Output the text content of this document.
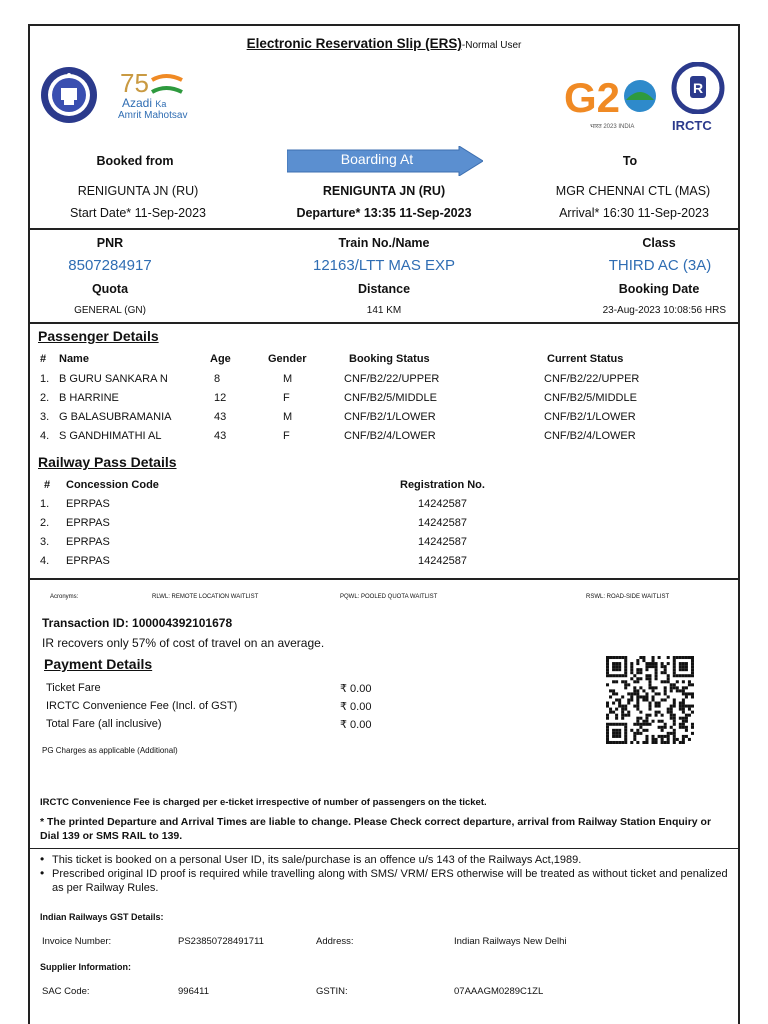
Electronic Reservation Slip (ERS)-Normal User
75
Azadi Ka
Amrit Mahotsav	G2
भारत 2023 INDIA
R
IRCTC
Booked from	Boarding At	To
RENIGUNTA JN (RU)	RENIGUNTA JN (RU)	MGR CHENNAI CTL (MAS)
Start Date* 11-Sep-2023	Departure* 13:35 11-Sep-2023	Arrival* 16:30 11-Sep-2023
PNR	Train No./Name	Class
8507284917	12163/LTT MAS EXP	THIRD AC (3A)
Quota	Distance	Booking Date
GENERAL (GN)	141 KM	23-Aug-2023 10:08:56 HRS
Passenger Details
# Name	Age	Gender	Booking Status	Current Status
1. B GURU SANKARA N	8	M	CNF/B2/22/UPPER	CNF/B2/22/UPPER
2. B HARRINE	12	F	CNF/B2/5/MIDDLE	CNF/B2/5/MIDDLE
3. G BALASUBRAMANIA	43	M	CNF/B2/1/LOWER	CNF/B2/1/LOWER
4. S GANDHIMATHI AL	43	F	CNF/B2/4/LOWER	CNF/B2/4/LOWER
Railway Pass Details
# Concession Code	Registration No.
1. EPRPAS	14242587
2. EPRPAS	14242587
3. EPRPAS	14242587
4. EPRPAS	14242587
Acronyms:	RLWL: REMOTE LOCATION WAITLIST	PQWL: POOLED QUOTA WAITLIST	RSWL: ROAD-SIDE WAITLIST
Transaction ID: 100004392101678
IR recovers only 57% of cost of travel on an average.
Payment Details
Ticket Fare	₹ 0.00
IRCTC Convenience Fee (Incl. of GST)	₹ 0.00
Total Fare (all inclusive)	₹ 0.00
PG Charges as applicable (Additional)
IRCTC Convenience Fee is charged per e-ticket irrespective of number of passengers on the ticket.
* The printed Departure and Arrival Times are liable to change. Please Check correct departure, arrival from Railway Station Enquiry or
Dial 139 or SMS RAIL to 139.
• This ticket is booked on a personal User ID, its sale/purchase is an offence u/s 143 of the Railways Act,1989.
• Prescribed original ID proof is required while travelling along with SMS/ VRM/ ERS otherwise will be treated as without ticket and penalized as per Railway Rules.
Indian Railways GST Details:
Invoice Number:	PS23850728491711	Address:	Indian Railways New Delhi
Supplier Information:
SAC Code:	996411	GSTIN:	07AAAGM0289C1ZL
